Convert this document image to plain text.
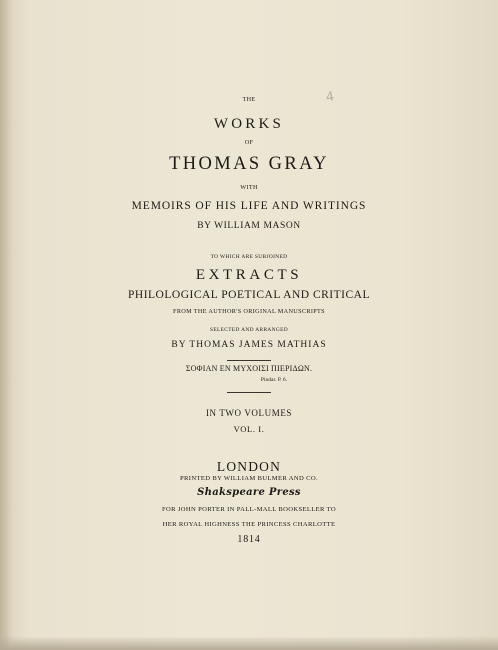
4
THE
WORKS
OF
THOMAS GRAY
WITH
MEMOIRS OF HIS LIFE AND WRITINGS
BY WILLIAM MASON
TO WHICH ARE SUBJOINED
EXTRACTS
PHILOLOGICAL POETICAL AND CRITICAL
FROM THE AUTHOR'S ORIGINAL MANUSCRIPTS
SELECTED AND ARRANGED
BY THOMAS JAMES MATHIAS
ΣΟΦΙΑΝ ΕΝ ΜΥΧΟΙΣΙ ΠΙΕΡΙΔΩΝ.
Pindar. P. 6.
IN TWO VOLUMES
VOL. I.
LONDON
PRINTED BY WILLIAM BULMER AND CO.
Shakspeare Press
FOR JOHN PORTER IN PALL-MALL BOOKSELLER TO
HER ROYAL HIGHNESS THE PRINCESS CHARLOTTE
1814
